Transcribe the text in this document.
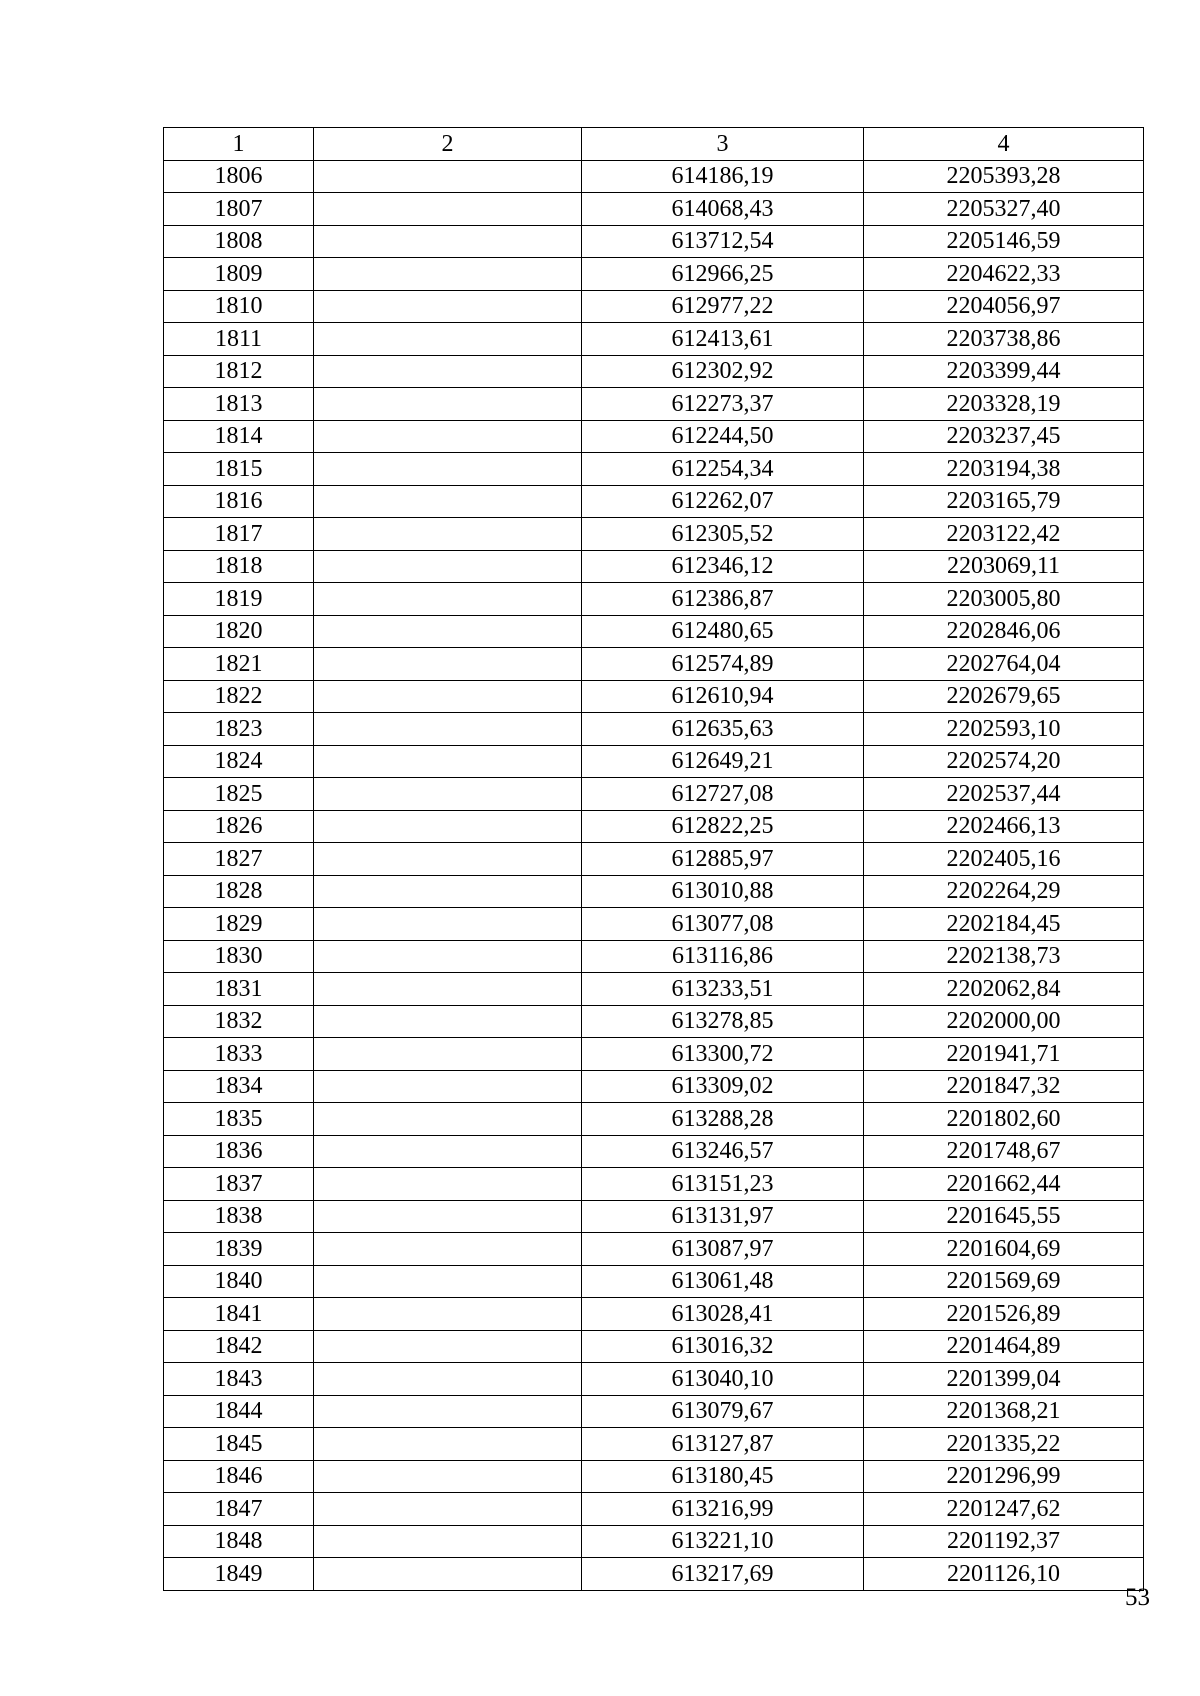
1	2	3	4
1806		614186,19	2205393,28
1807		614068,43	2205327,40
1808		613712,54	2205146,59
1809		612966,25	2204622,33
1810		612977,22	2204056,97
1811		612413,61	2203738,86
1812		612302,92	2203399,44
1813		612273,37	2203328,19
1814		612244,50	2203237,45
1815		612254,34	2203194,38
1816		612262,07	2203165,79
1817		612305,52	2203122,42
1818		612346,12	2203069,11
1819		612386,87	2203005,80
1820		612480,65	2202846,06
1821		612574,89	2202764,04
1822		612610,94	2202679,65
1823		612635,63	2202593,10
1824		612649,21	2202574,20
1825		612727,08	2202537,44
1826		612822,25	2202466,13
1827		612885,97	2202405,16
1828		613010,88	2202264,29
1829		613077,08	2202184,45
1830		613116,86	2202138,73
1831		613233,51	2202062,84
1832		613278,85	2202000,00
1833		613300,72	2201941,71
1834		613309,02	2201847,32
1835		613288,28	2201802,60
1836		613246,57	2201748,67
1837		613151,23	2201662,44
1838		613131,97	2201645,55
1839		613087,97	2201604,69
1840		613061,48	2201569,69
1841		613028,41	2201526,89
1842		613016,32	2201464,89
1843		613040,10	2201399,04
1844		613079,67	2201368,21
1845		613127,87	2201335,22
1846		613180,45	2201296,99
1847		613216,99	2201247,62
1848		613221,10	2201192,37
1849		613217,69	2201126,10
53
